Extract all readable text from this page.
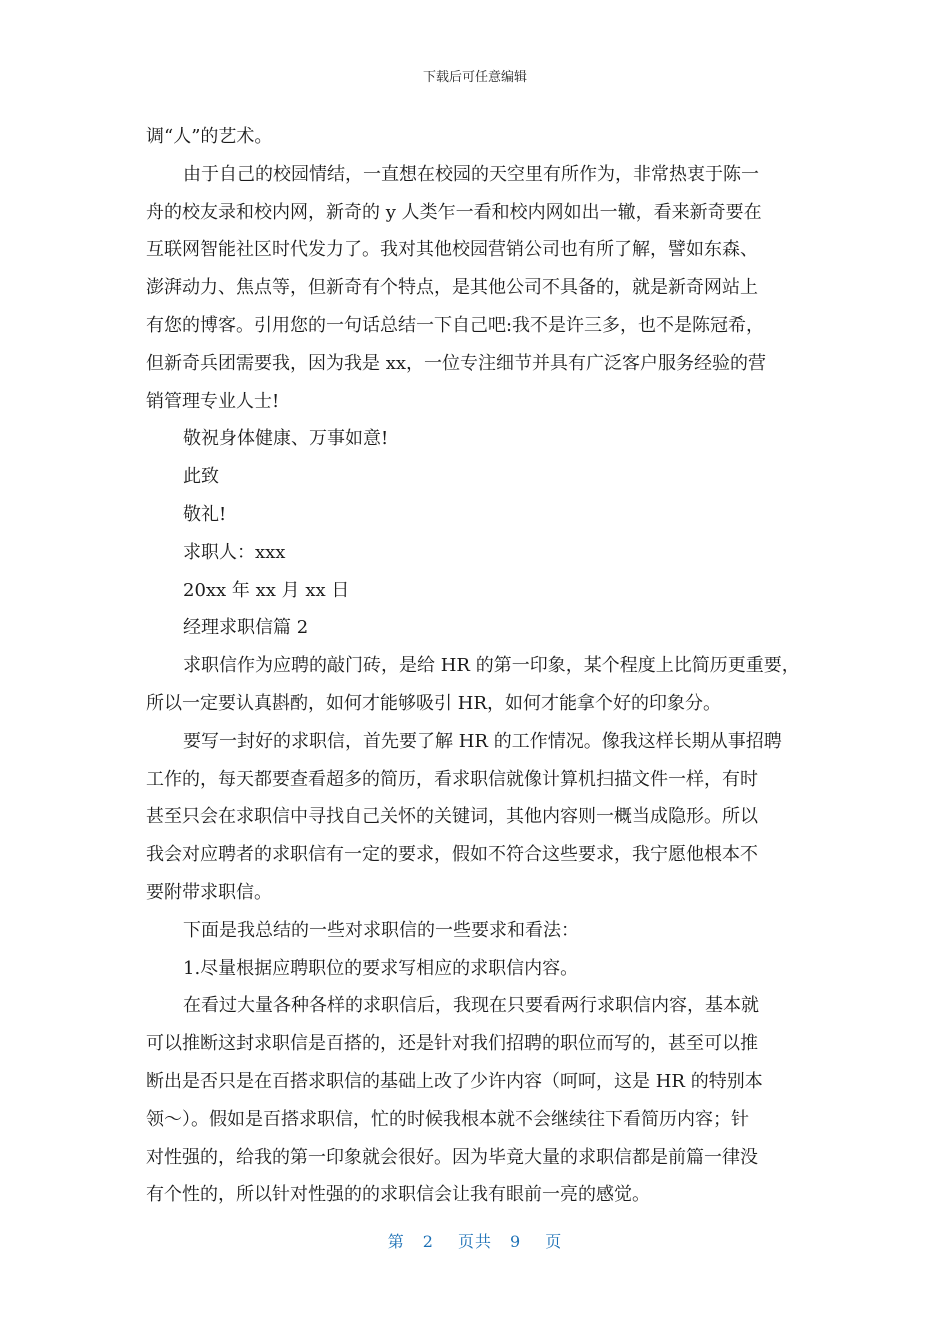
下载后可任意编辑
调“人”的艺术。
由于自己的校园情结，一直想在校园的天空里有所作为，非常热衷于陈一
舟的校友录和校内网，新奇的 y 人类乍一看和校内网如出一辙，看来新奇要在
互联网智能社区时代发力了。我对其他校园营销公司也有所了解，譬如东森、
澎湃动力、焦点等，但新奇有个特点，是其他公司不具备的，就是新奇网站上
有您的博客。引用您的一句话总结一下自己吧:我不是许三多，也不是陈冠希，
但新奇兵团需要我，因为我是 xx，一位专注细节并具有广泛客户服务经验的营
销管理专业人士!
敬祝身体健康、万事如意!
此致
敬礼!
求职人：xxx
20xx 年 xx 月 xx 日
经理求职信篇 2
求职信作为应聘的敲门砖，是给 HR 的第一印象，某个程度上比简历更重要，
所以一定要认真斟酌，如何才能够吸引 HR，如何才能拿个好的印象分。
要写一封好的求职信，首先要了解 HR 的工作情况。像我这样长期从事招聘
工作的，每天都要查看超多的简历，看求职信就像计算机扫描文件一样，有时
甚至只会在求职信中寻找自己关怀的关键词，其他内容则一概当成隐形。所以
我会对应聘者的求职信有一定的要求，假如不符合这些要求，我宁愿他根本不
要附带求职信。
下面是我总结的一些对求职信的一些要求和看法：
1.尽量根据应聘职位的要求写相应的求职信内容。
在看过大量各种各样的求职信后，我现在只要看两行求职信内容，基本就
可以推断这封求职信是百搭的，还是针对我们招聘的职位而写的，甚至可以推
断出是否只是在百搭求职信的基础上改了少许内容（呵呵，这是 HR 的特别本
领～）。假如是百搭求职信，忙的时候我根本就不会继续往下看简历内容；针
对性强的，给我的第一印象就会很好。因为毕竟大量的求职信都是前篇一律没
有个性的，所以针对性强的的求职信会让我有眼前一亮的感觉。
第 2 页共 9 页
